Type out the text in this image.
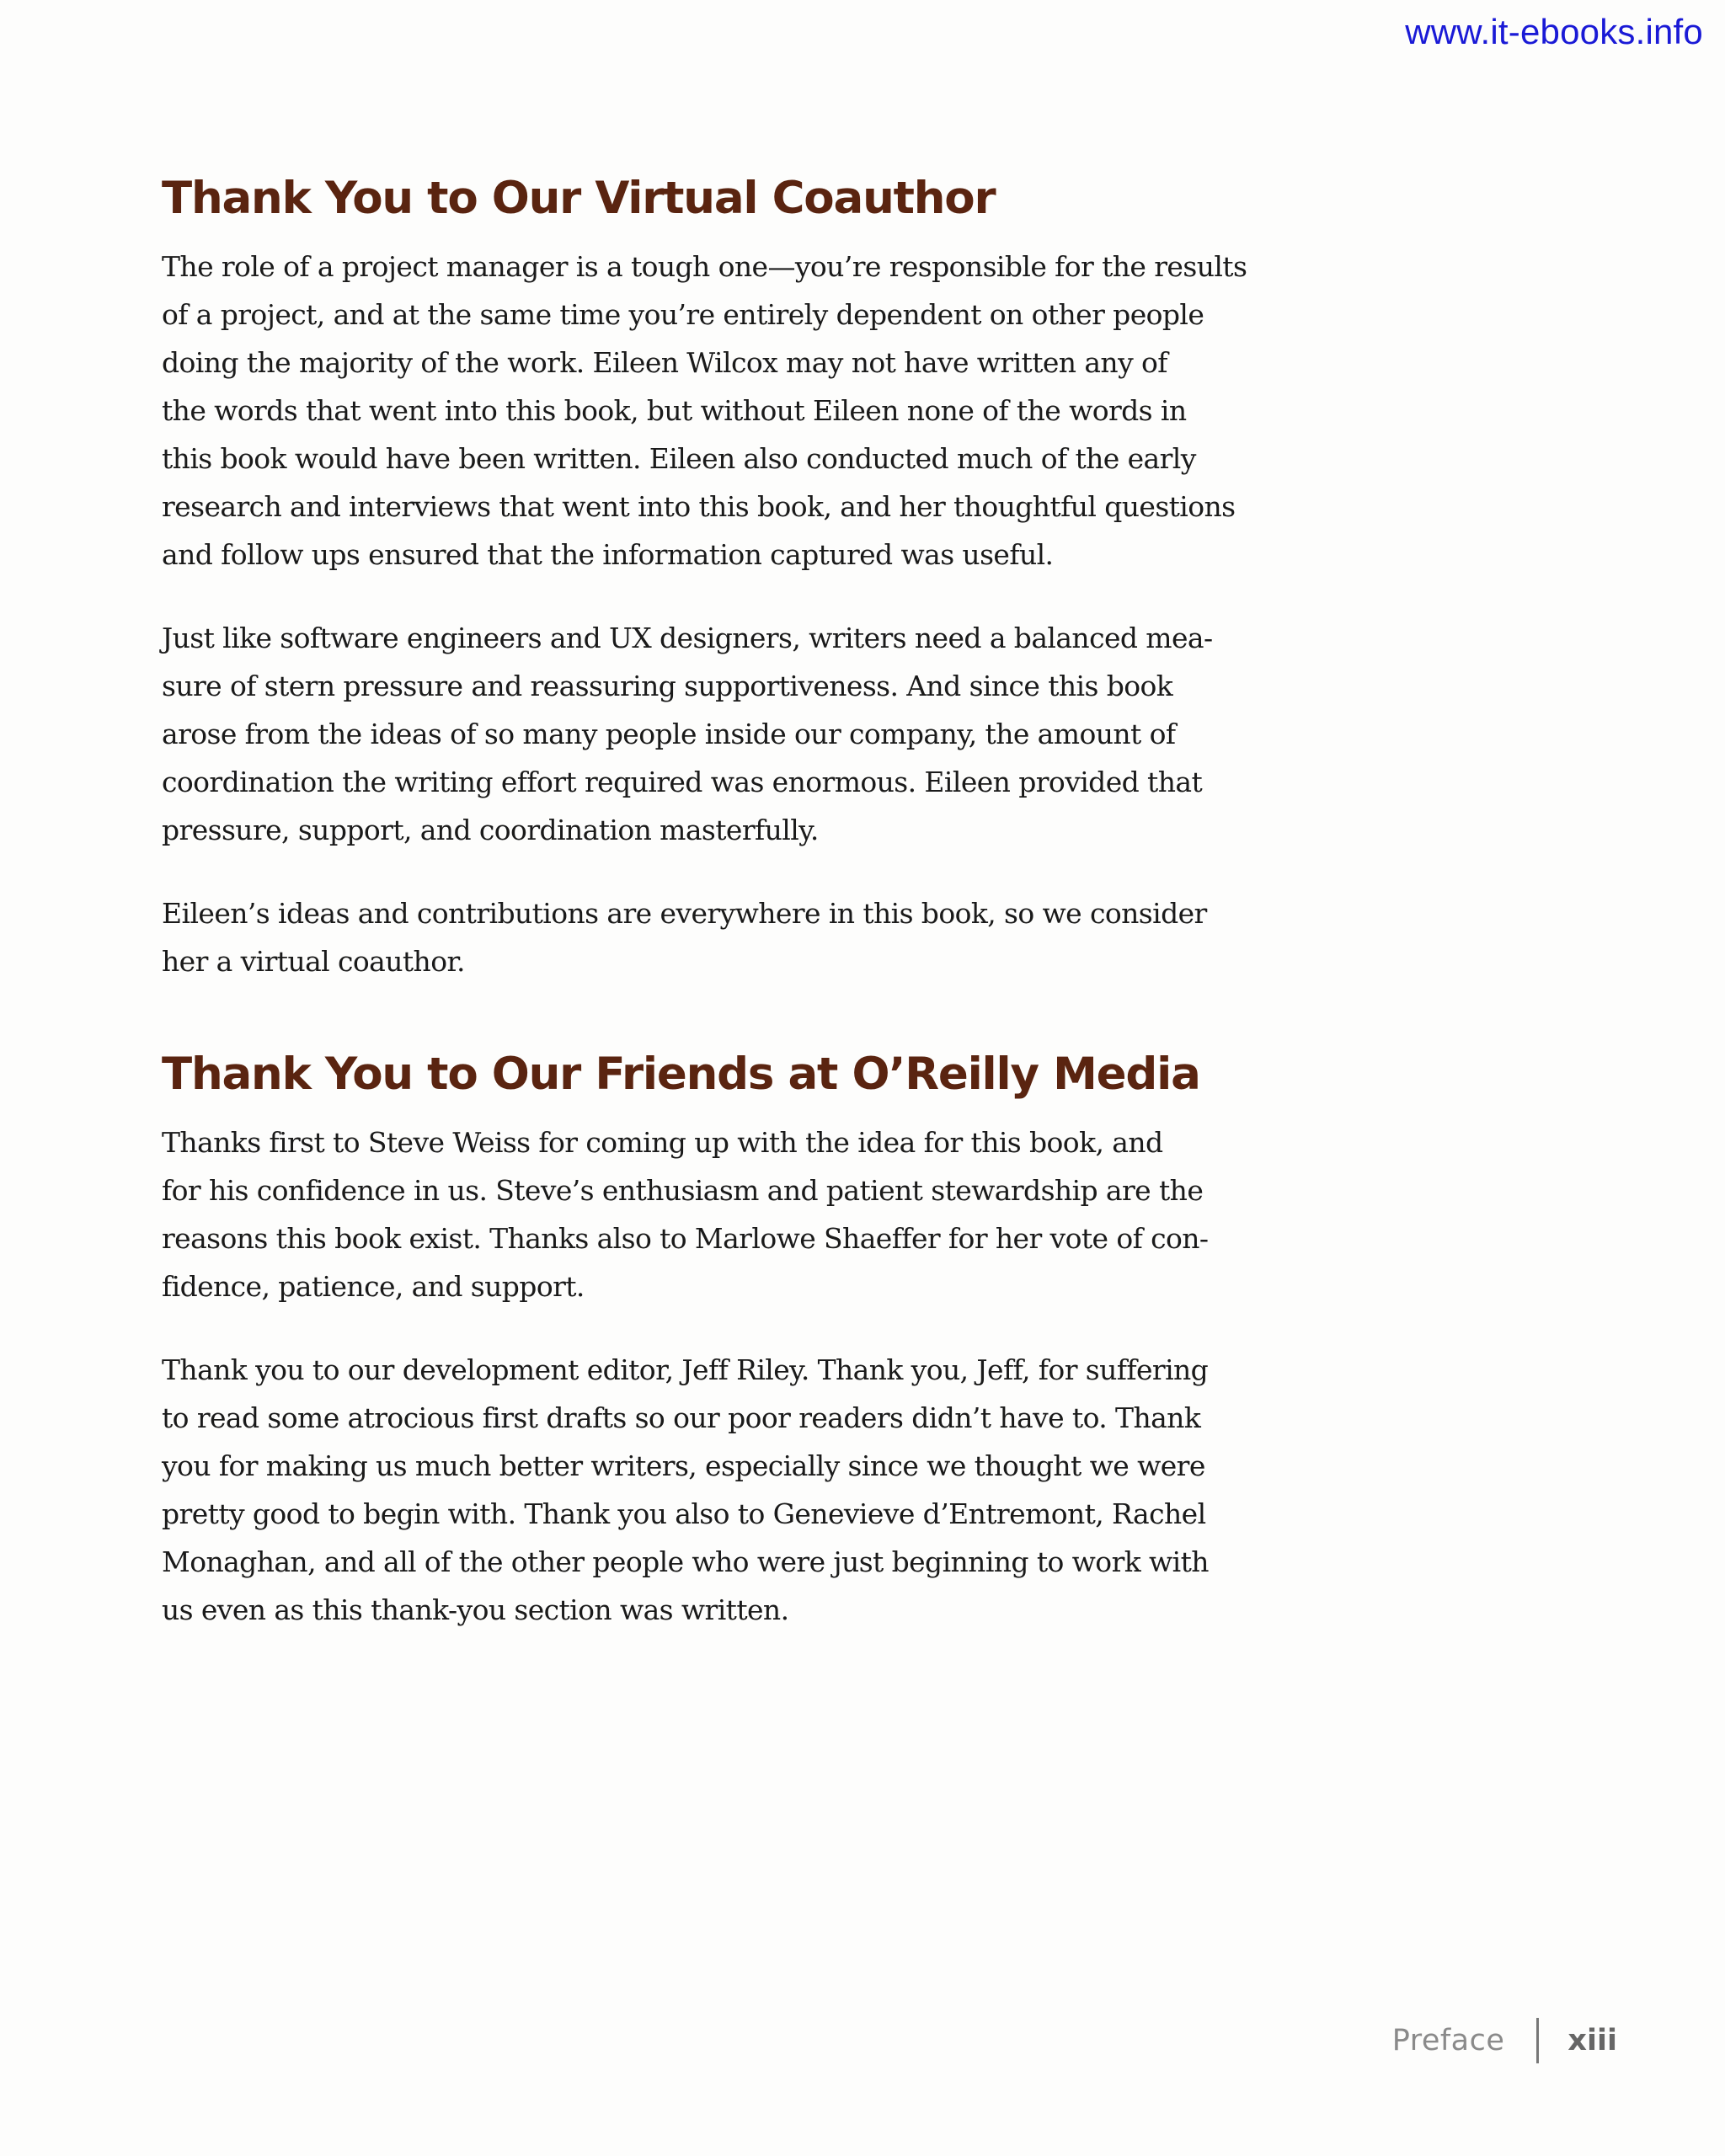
www.it-ebooks.info
Thank You to Our Virtual Coauthor

The role of a project manager is a tough one—you’re responsible for the results
of a project, and at the same time you’re entirely dependent on other people
doing the majority of the work. Eileen Wilcox may not have written any of
the words that went into this book, but without Eileen none of the words in
this book would have been written. Eileen also conducted much of the early
research and interviews that went into this book, and her thoughtful questions
and follow ups ensured that the information captured was useful.

Just like software engineers and UX designers, writers need a balanced mea-
sure of stern pressure and reassuring supportiveness. And since this book
arose from the ideas of so many people inside our company, the amount of
coordination the writing effort required was enormous. Eileen provided that
pressure, support, and coordination masterfully.

Eileen’s ideas and contributions are everywhere in this book, so we consider
her a virtual coauthor.

Thank You to Our Friends at O’Reilly Media

Thanks first to Steve Weiss for coming up with the idea for this book, and
for his confidence in us. Steve’s enthusiasm and patient stewardship are the
reasons this book exist. Thanks also to Marlowe Shaeffer for her vote of con-
fidence, patience, and support.

Thank you to our development editor, Jeff Riley. Thank you, Jeff, for suffering
to read some atrocious first drafts so our poor readers didn’t have to. Thank
you for making us much better writers, especially since we thought we were
pretty good to begin with. Thank you also to Genevieve d’Entremont, Rachel
Monaghan, and all of the other people who were just beginning to work with
us even as this thank-you section was written.

Preface xiii
